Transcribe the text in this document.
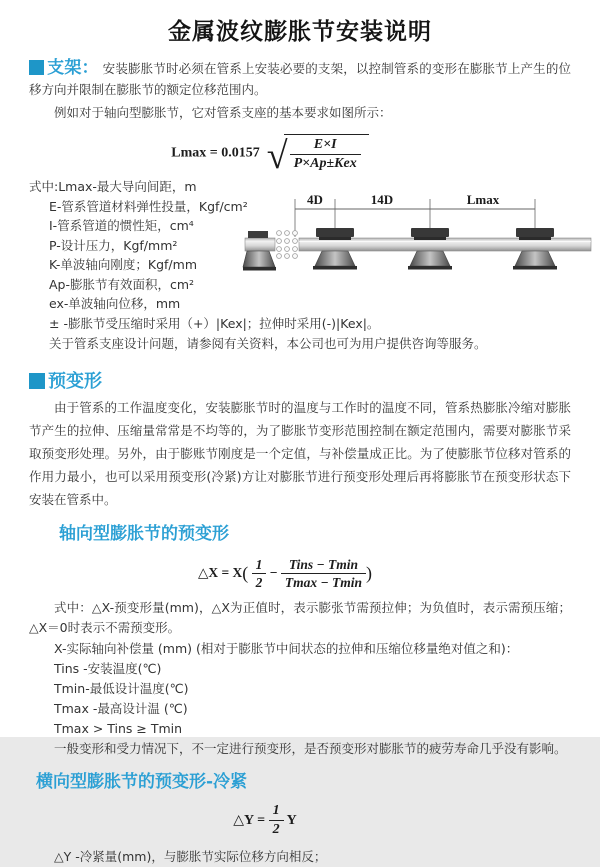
金属波纹膨胀节安装说明

支架： 安装膨胀节时必须在管系上安装必要的支架，以控制管系的变形在膨胀节上产生的位移方向并限制在膨胀节的额定位移范围内。

例如对于轴向型膨胀节，它对管系支座的基本要求如图所示：

Lmax = 0.0157 √ $\frac{E\times I}{\text{P×Ap±Kex}}$
式中:Lmax-最大导向间距，m
E-管系管道材料弹性投量，Kgf/cm²
I-管系管道的惯性矩，cm⁴
P-设计压力，Kgf/mm²
K-单波轴向刚度；Kgf/mm
Ap-膨胀节有效面积，cm²
ex-单波轴向位移，mm

± -膨胀节受压缩时采用（+）|Kex|；拉伸时采用(-)|Kex|。

关于管系支座设计问题，请参阅有关资料，本公司也可为用户提供咨询等服务。

预变形

由于管系的工作温度变化，安装膨胀节时的温度与工作时的温度不同，管系热膨胀冷缩对膨胀节产生的拉伸、压缩量常常是不均等的，为了膨胀节变形范围控制在额定范围内，需要对膨胀节采取预变形处理。另外，由于膨账节刚度是一个定值，与补偿量成正比。为了使膨胀节位移对管系的作用力最小，也可以采用预变形(冷紧)方让对膨胀节进行预变形处理后再将膨胀节在预变形状态下安装在管系中。

轴向型膨胀节的预变形
△X = $X( \frac{1}{2} - \frac{\text{Tins − Tmin}}{Tmax - Tmin}$ )

式中：△X-预变形量(mm)，△X为正值时，表示膨张节需预拉伸；为负值时，表示需预压缩；△X＝0时表示不需预变形。

X-实际轴向补偿量 (mm) (相对于膨胀节中间状态的拉伸和压缩位移量绝对值之和)：
Tins -安装温度(℃)
Tmin-最低设计温度(℃)
Tmax -最高设计温 (℃)
Tmax > Tins ≥ Tmin

一般变形和受力情况下，不一定进行预变形，是否预变形对膨胀节的疲劳寿命几乎没有影响。

横向型膨胀节的预变形-冷紧
△Y = $\frac{1}{2}$ Y

△Y -冷紧量(mm)，与膨胀节实际位移方向相反；

4D	14D	Lmax
